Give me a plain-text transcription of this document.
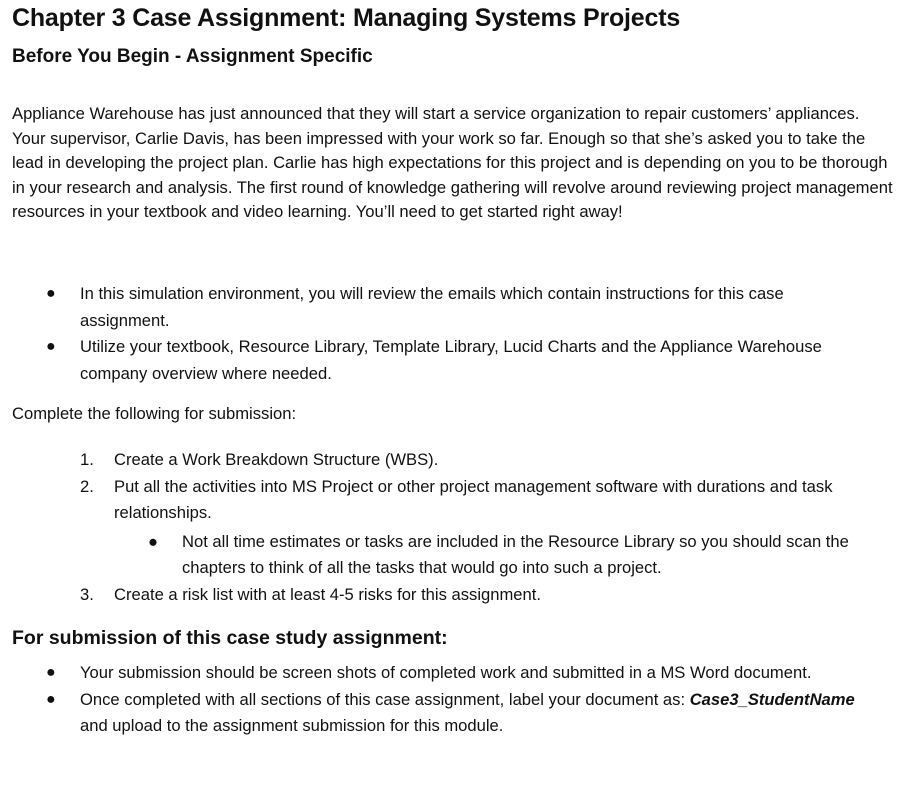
Chapter 3 Case Assignment: Managing Systems Projects
Before You Begin - Assignment Specific

Appliance Warehouse has just announced that they will start a service organization to repair customers’ appliances. Your supervisor, Carlie Davis, has been impressed with your work so far. Enough so that she’s asked you to take the lead in developing the project plan. Carlie has high expectations for this project and is depending on you to be thorough in your research and analysis. The first round of knowledge gathering will revolve around reviewing project management resources in your textbook and video learning. You’ll need to get started right away!

● In this simulation environment, you will review the emails which contain instructions for this case assignment.
● Utilize your textbook, Resource Library, Template Library, Lucid Charts and the Appliance Warehouse company overview where needed.

Complete the following for submission:

1. Create a Work Breakdown Structure (WBS).
2. Put all the activities into MS Project or other project management software with durations and task relationships.
● Not all time estimates or tasks are included in the Resource Library so you should scan the chapters to think of all the tasks that would go into such a project.
3. Create a risk list with at least 4-5 risks for this assignment.
For submission of this case study assignment:
● Your submission should be screen shots of completed work and submitted in a MS Word document.
● Once completed with all sections of this case assignment, label your document as: Case3_StudentName and upload to the assignment submission for this module.
